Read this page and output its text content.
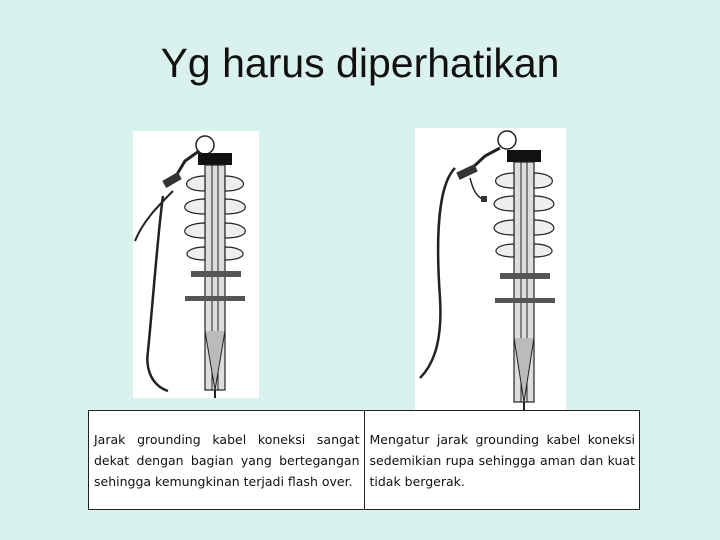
Yg harus diperhatikan
Jarak grounding kabel koneksi sangat dekat dengan bagian yang bertegangan sehingga kemungkinan terjadi flash over.
Mengatur jarak grounding kabel koneksi sedemikian rupa sehingga aman dan kuat tidak bergerak.
